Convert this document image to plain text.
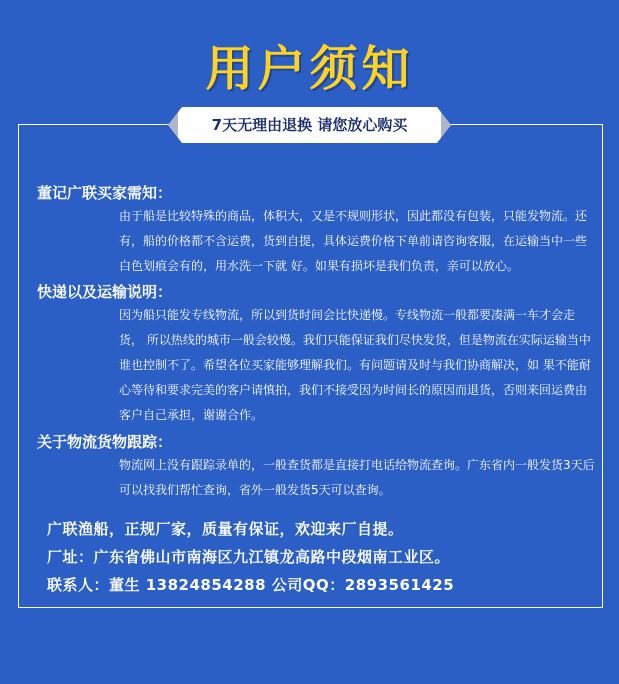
用户须知
7天无理由退换 请您放心购买
董记广联买家需知：
由于船是比较特殊的商品，体积大，又是不规则形状，因此都没有包装，只能发物流。还有，船的价格都不含运费，货到自提，具体运费价格下单前请咨询客服，在运输当中一些白色划痕会有的，用水洗一下就 好。如果有损坏是我们负责，亲可以放心。
快递以及运输说明：
因为船只能发专线物流，所以到货时间会比快递慢。专线物流一般都要凑满一车才会走货， 所以热线的城市一般会较慢。我们只能保证我们尽快发货，但是物流在实际运输当中谁也控制不了。希望各位买家能够理解我们。有问题请及时与我们协商解决，如 果不能耐心等待和要求完美的客户请慎拍，我们不接受因为时间长的原因而退货，否则来回运费由客户自己承担，谢谢合作。
关于物流货物跟踪：
物流网上没有跟踪录单的，一般查货都是直接打电话给物流查询。广东省内一般发货3天后可以找我们帮忙查询，省外一般发货5天可以查询。
广联渔船，正规厂家，质量有保证，欢迎来厂自提。
厂址：广东省佛山市南海区九江镇龙高路中段烟南工业区。
联系人：董生 13824854288 公司QQ：2893561425
